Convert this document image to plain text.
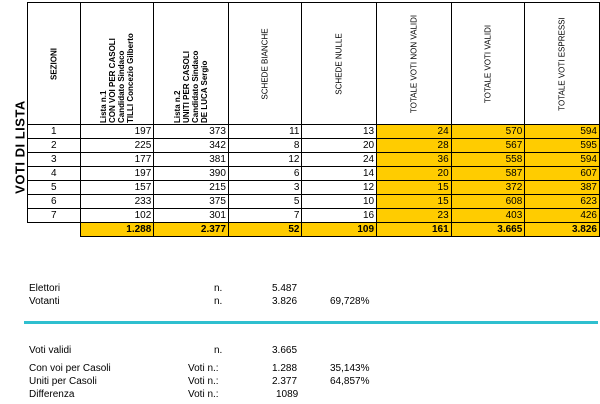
VOTI DI LISTA
SEZIONI	Lista n.1
CON VOI PER CASOLI
Candidato Sindaco
TILLI Concezio Gilberto	Lista n.2
UNITI PER CASOLI
Candidato Sindaco
DE LUCA Sergio	SCHEDE BIANCHE	SCHEDE NULLE	TOTALE VOTI NON VALIDI	TOTALE VOTI VALIDI	TOTALE VOTI ESPRESSI

1	197	373	11	13	24	570	594
2	225	342	8	20	28	567	595
3	177	381	12	24	36	558	594
4	197	390	6	14	20	587	607
5	157	215	3	12	15	372	387
6	233	375	5	10	15	608	623
7	102	301	7	16	23	403	426
	1.288	2.377	52	109	161	3.665	3.826
Elettori	n.	5.487
Votanti	n.	3.826	69,728%
Voti validi	n.	3.665
Con voi per Casoli	Voti n.:	1.288	35,143%
Uniti per Casoli	Voti n.:	2.377	64,857%
Differenza	Voti n.:	1089
